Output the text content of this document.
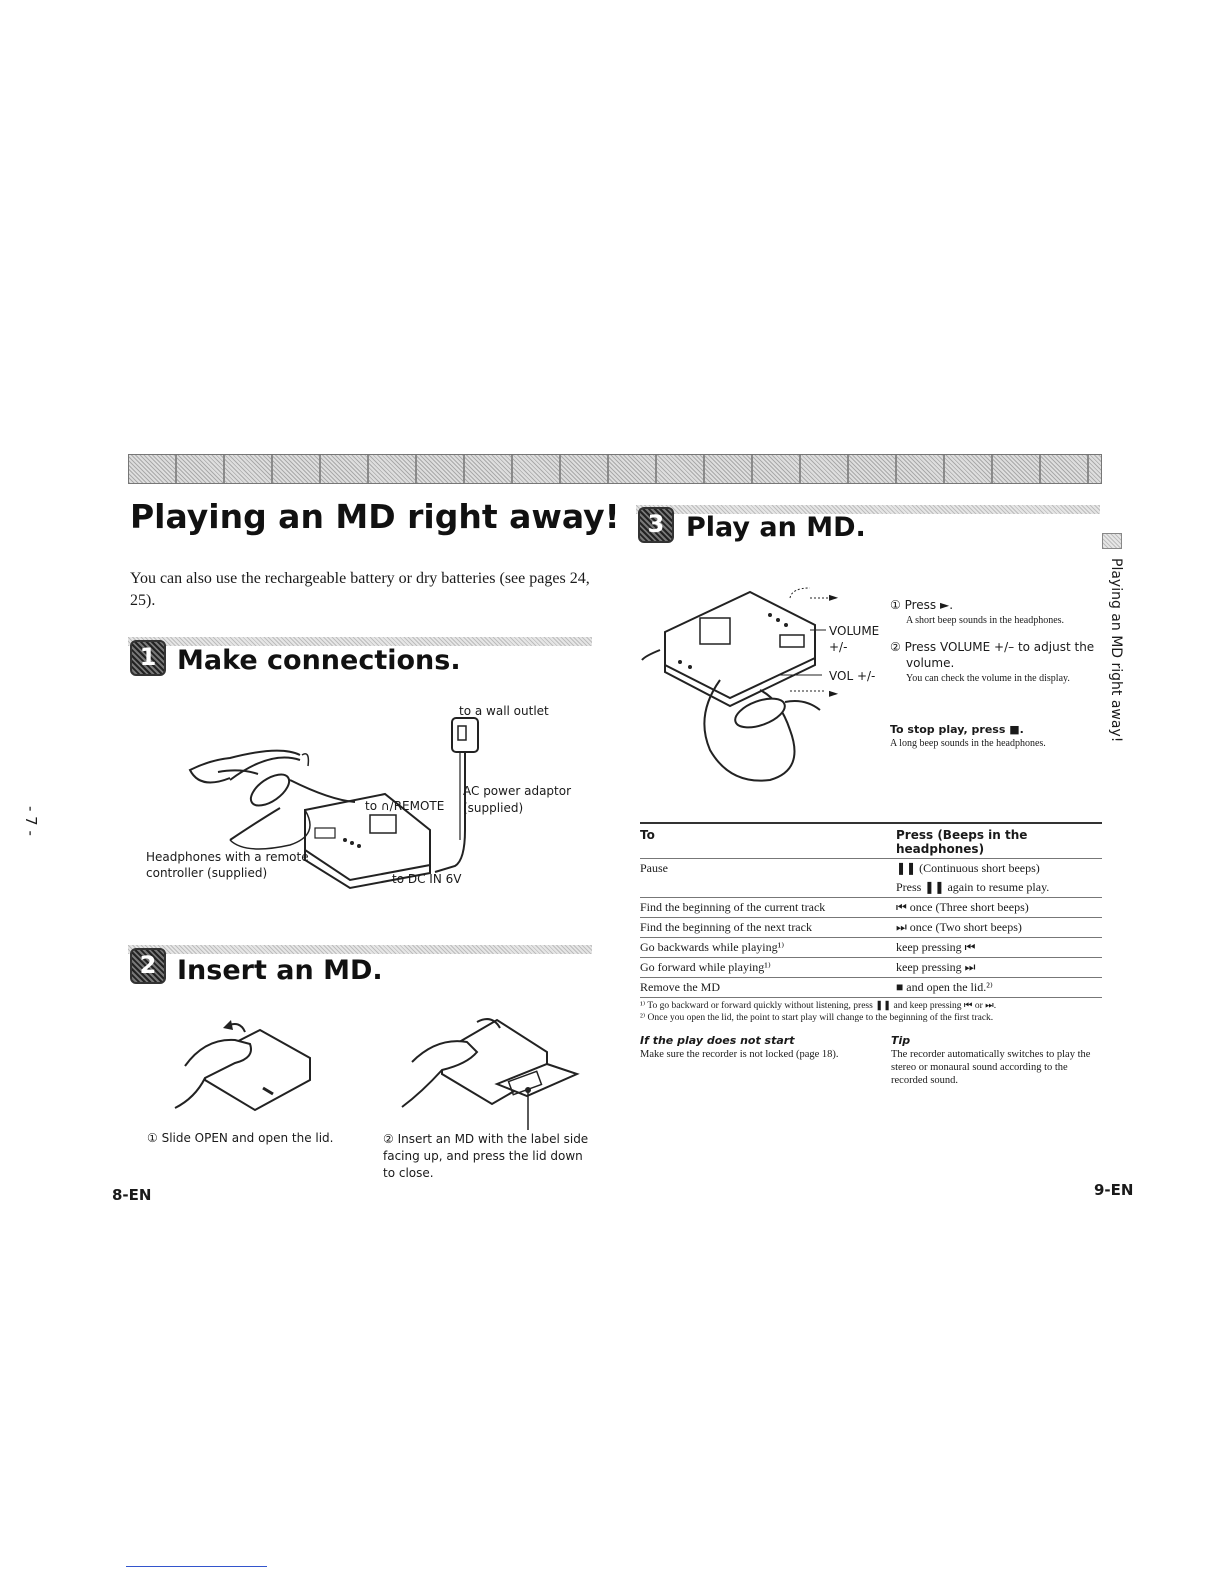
Playing an MD right away!
You can also use the rechargeable battery or dry batteries (see pages 24, 25).
- 7 -
1 Make connections.
to a wall outlet
AC power adaptor
(supplied)
to ∩/REMOTE
Headphones with a remote
controller (supplied)	to DC IN 6V
2 Insert an MD.
① Slide OPEN and open the lid.	② Insert an MD with the label side facing up, and press the lid down to close.
8-EN
3 Play an MD.
►
VOLUME
+/-
VOL +/-
►
① Press ►.
A short beep sounds in the headphones.
② Press VOLUME +/– to adjust the
volume.
You can check the volume in the display.
To stop play, press ■.
A long beep sounds in the headphones.
Playing an MD right away!
To	Press (Beeps in the headphones)
Pause	❚❚ (Continuous short beeps)
	Press ❚❚ again to resume play.
Find the beginning of the current track	⏮ once (Three short beeps)
Find the beginning of the next track	⏭ once (Two short beeps)
Go backwards while playing¹⁾	keep pressing ⏮
Go forward while playing¹⁾	keep pressing ⏭
Remove the MD	■ and open the lid.²⁾
¹⁾ To go backward or forward quickly without listening, press ❚❚ and keep pressing ⏮ or ⏭.
²⁾ Once you open the lid, the point to start play will change to the beginning of the first track.
If the play does not start
Make sure the recorder is not locked (page 18).
Tip
The recorder automatically switches to play the stereo or monaural sound according to the recorded sound.
9-EN
